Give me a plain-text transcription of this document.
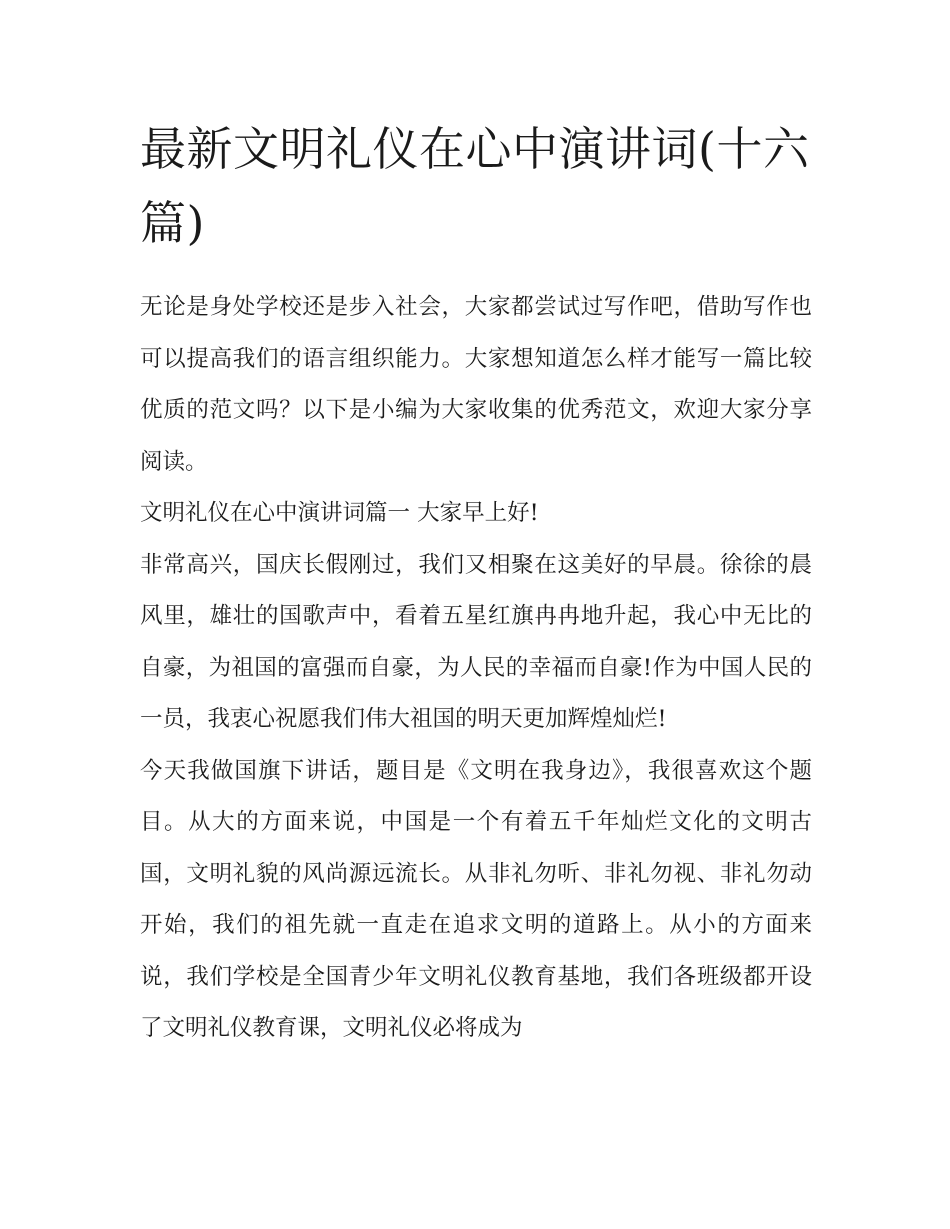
最新文明礼仪在心中演讲词(十六篇)

无论是身处学校还是步入社会，大家都尝试过写作吧，借助写作也可以提高我们的语言组织能力。大家想知道怎么样才能写一篇比较优质的范文吗？以下是小编为大家收集的优秀范文，欢迎大家分享阅读。

文明礼仪在心中演讲词篇一 大家早上好!

非常高兴，国庆长假刚过，我们又相聚在这美好的早晨。徐徐的晨风里，雄壮的国歌声中，看着五星红旗冉冉地升起，我心中无比的自豪，为祖国的富强而自豪，为人民的幸福而自豪!作为中国人民的一员，我衷心祝愿我们伟大祖国的明天更加辉煌灿烂!

今天我做国旗下讲话，题目是《文明在我身边》，我很喜欢这个题目。从大的方面来说，中国是一个有着五千年灿烂文化的文明古国，文明礼貌的风尚源远流长。从非礼勿听、非礼勿视、非礼勿动开始，我们的祖先就一直走在追求文明的道路上。从小的方面来说，我们学校是全国青少年文明礼仪教育基地，我们各班级都开设了文明礼仪教育课，文明礼仪必将成为
